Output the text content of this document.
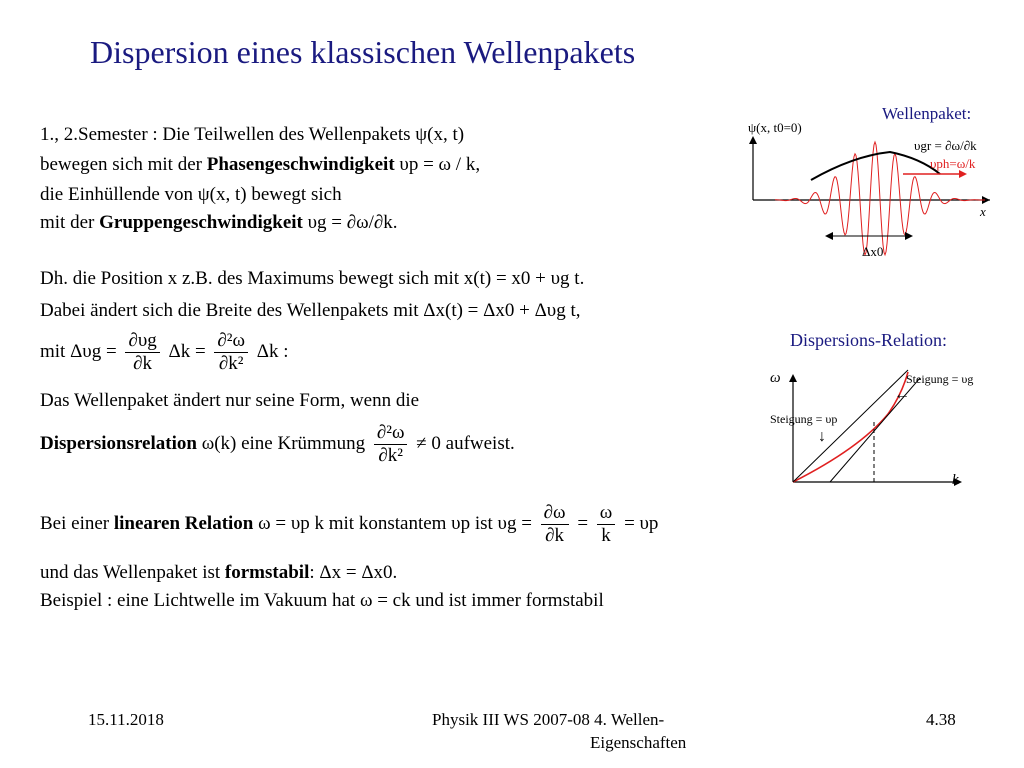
Dispersion eines klassischen Wellenpakets
1., 2.Semester : Die Teilwellen des Wellenpakets ψ(x, t)
bewegen sich mit der Phasengeschwindigkeit υp = ω / k,
die Einhüllende von ψ(x, t) bewegt sich
mit der Gruppengeschwindigkeit υg = ∂ω/∂k.
Dh. die Position x z.B. des Maximums bewegt sich mit x(t) = x0 + υg t.
Dabei ändert sich die Breite des Wellenpakets mit Δx(t) = Δx0 + Δυg t,
mit $\Delta\upsilon g = \frac{\partial\upsilon g}{\partial k}$ $\Delta k = \frac{\text{∂²ω}}{\text{∂k²}}$ Δk :
Das Wellenpaket ändert nur seine Form, wenn die
Dispersionsrelation ω(k) eine Krümmung $\frac{\text{∂²ω}}{\text{∂k²}} \ne 0$ aufweist.
Bei einer linearen Relation ω = υp k mit konstantem υp ist $\upsilon g = \frac{\partial\omega}{\partial k} = \frac{\omega}{k} = \upsilon p$
und das Wellenpaket ist formstabil: Δx = Δx0.
Beispiel : eine Lichtwelle im Vakuum hat ω = ck und ist immer formstabil
Wellenpaket:
ψ(x, t0=0)
υgr = ∂ω/∂k
υph=ω/k
x
Δx0
Dispersions-Relation:
ω
k
Steigung = υg
←
Steigung = υp
↓
15.11.2018	Physik III WS 2007-08 4. Wellen-
Eigenschaften
4.38
